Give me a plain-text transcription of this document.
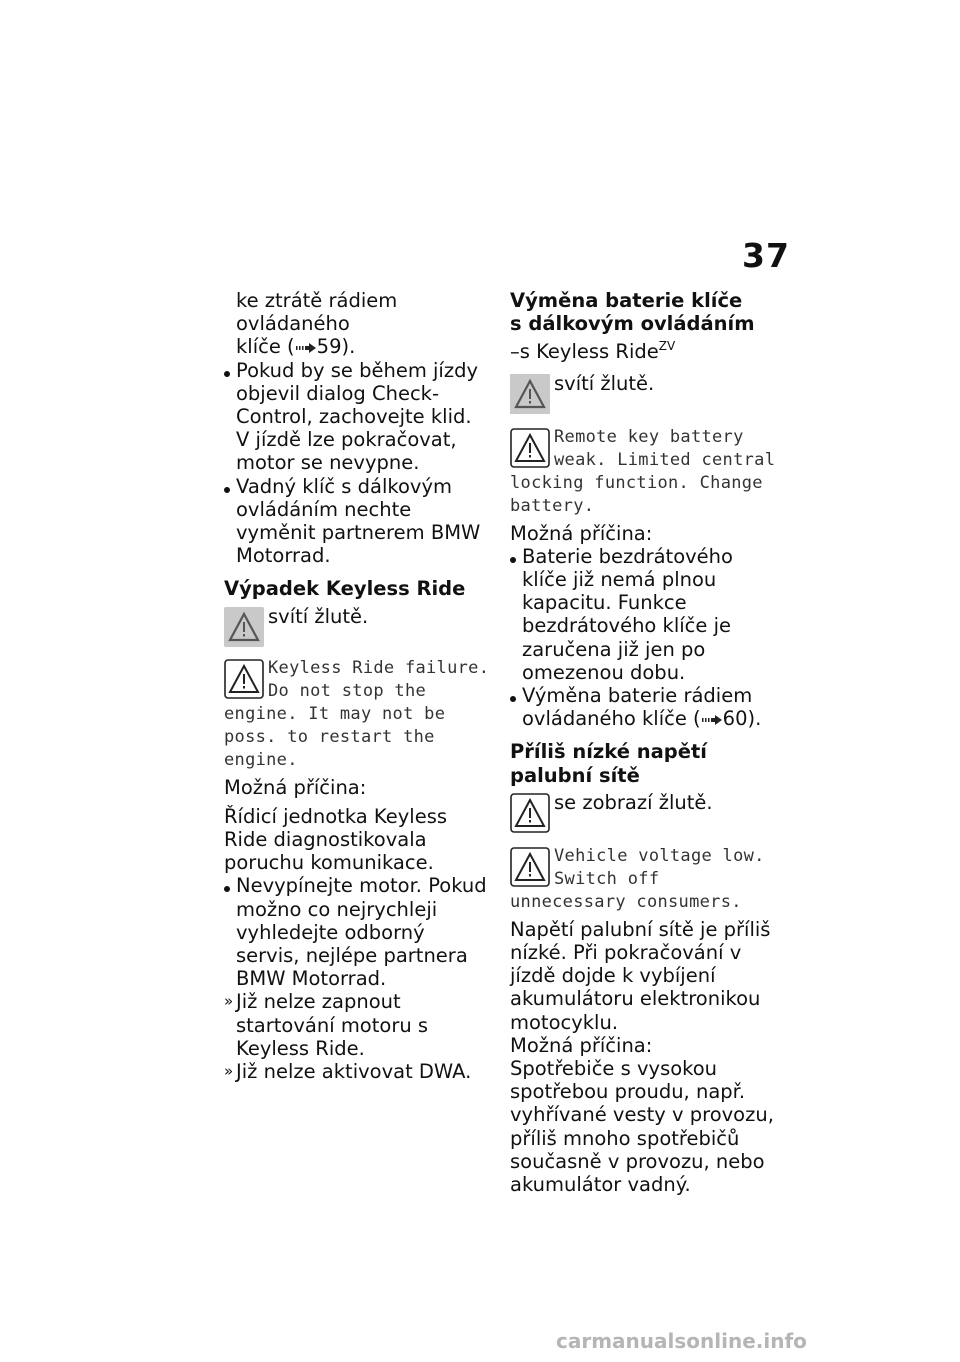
37
ke ztrátě rádiem ovládaného
klíče ( 59).
Pokud by se během jízdy objevil dialog Check-Control, zachovejte klid. V jízdě lze pokračovat, motor se nevypne.
Vadný klíč s dálkovým ovládáním nechte vyměnit partnerem BMW Motorrad.
Výpadek Keyless Ride
svítí žlutě.
Keyless Ride failure. Do not stop the engine. It may not be poss. to restart the engine.
Možná příčina:
Řídicí jednotka Keyless Ride diagnostikovala poruchu komunikace.
Nevypínejte motor. Pokud možno co nejrychleji vyhledejte odborný servis, nejlépe partnera BMW Motorrad.
» Již nelze zapnout startování motoru s Keyless Ride.
» Již nelze aktivovat DWA.
Výměna baterie klíče
s dálkovým ovládáním
–s Keyless Ride$^{ZV}$
svítí žlutě.
Remote key battery weak. Limited central locking function. Change battery.
Možná příčina:
Baterie bezdrátového klíče již nemá plnou kapacitu. Funkce bezdrátového klíče je zaručena již jen po omezenou dobu.
Výměna baterie rádiem ovládaného klíče ( 60).
Příliš nízké napětí palubní sítě
se zobrazí žlutě.
Vehicle voltage low. Switch off unnecessary consumers.
Napětí palubní sítě je příliš nízké. Při pokračování v jízdě dojde k vybíjení akumulátoru elektronikou motocyklu.
Možná příčina:
Spotřebiče s vysokou spotřebou proudu, např. vyhřívané vesty v provozu, příliš mnoho spotřebičů současně v provozu, nebo akumulátor vadný.
carmanualsonline.info
